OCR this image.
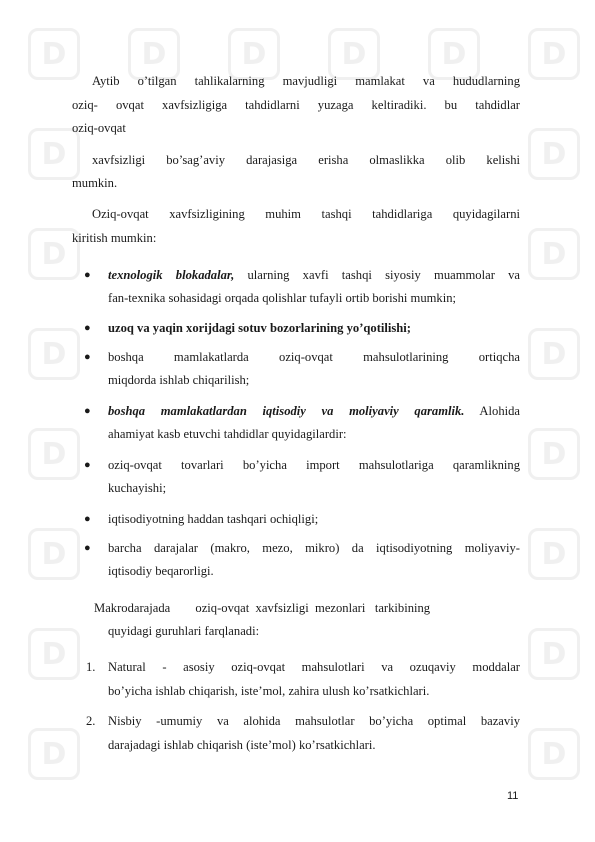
D	D	D	D	D	D
D	D
D	D
D	D
D	D
D	D
D	D
D	D
Aytib o’tilgan tahlikalarning mavjudligi mamlakat va hududlarning
oziq- ovqat xavfsizligiga tahdidlarni yuzaga keltiradiki. bu tahdidlar
oziq-ovqat
xavfsizligi bo’sag’aviy darajasiga erisha olmaslikka olib kelishi
mumkin.
Oziq-ovqat xavfsizligining muhim tashqi tahdidlariga quyidagilarni
kiritish mumkin:
● texnologik blokadalar, ularning xavfi tashqi siyosiy muammolar va
fan-texnika sohasidagi orqada qolishlar tufayli ortib borishi mumkin;
● uzoq va yaqin xorijdagi sotuv bozorlarining yo’qotilishi;
● boshqa mamlakatlarda oziq-ovqat mahsulotlarining ortiqcha
miqdorda ishlab chiqarilish;
● boshqa mamlakatlardan iqtisodiy va moliyaviy qaramlik. Alohida
ahamiyat kasb etuvchi tahdidlar quyidagilardir:
● oziq-ovqat tovarlari bo’yicha import mahsulotlariga qaramlikning
kuchayishi;
● iqtisodiyotning haddan tashqari ochiqligi;
● barcha darajalar (makro, mezo, mikro) da iqtisodiyotning moliyaviy-
iqtisodiy beqarorligi.
Makrodarajada        oziq-ovqat  xavfsizligi  mezonlari   tarkibining
quyidagi guruhlari farqlanadi:
1. Natural - asosiy oziq-ovqat mahsulotlari va ozuqaviy moddalar
bo’yicha ishlab chiqarish, iste’mol, zahira ulush ko’rsatkichlari.
2. Nisbiy -umumiy va alohida mahsulotlar bo’yicha optimal bazaviy
darajadagi ishlab chiqarish (iste’mol) ko’rsatkichlari.
11
